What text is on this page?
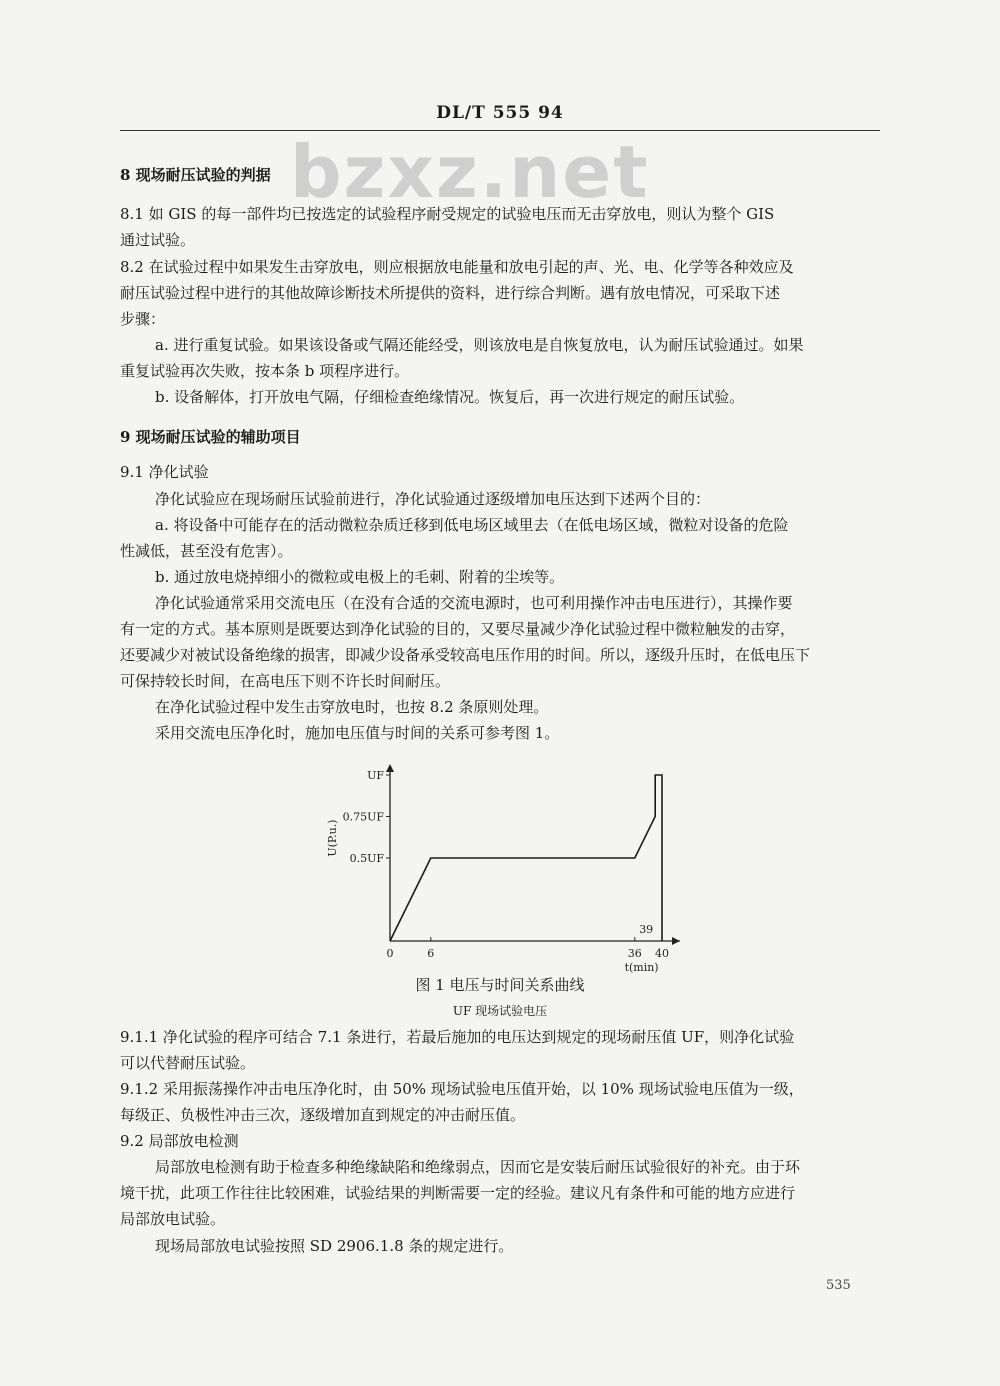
bzxz.net
DL/T 555 94
8 现场耐压试验的判据
8.1 如 GIS 的每一部件均已按选定的试验程序耐受规定的试验电压而无击穿放电，则认为整个 GIS
通过试验。
8.2 在试验过程中如果发生击穿放电，则应根据放电能量和放电引起的声、光、电、化学等各种效应及
耐压试验过程中进行的其他故障诊断技术所提供的资料，进行综合判断。遇有放电情况，可采取下述
步骤：
a. 进行重复试验。如果该设备或气隔还能经受，则该放电是自恢复放电，认为耐压试验通过。如果
重复试验再次失败，按本条 b 项程序进行。
b. 设备解体，打开放电气隔，仔细检查绝缘情况。恢复后，再一次进行规定的耐压试验。
9 现场耐压试验的辅助项目
9.1 净化试验
净化试验应在现场耐压试验前进行，净化试验通过逐级增加电压达到下述两个目的：
a. 将设备中可能存在的活动微粒杂质迁移到低电场区域里去（在低电场区域，微粒对设备的危险
性减低，甚至没有危害）。
b. 通过放电烧掉细小的微粒或电极上的毛刺、附着的尘埃等。
净化试验通常采用交流电压（在没有合适的交流电源时，也可利用操作冲击电压进行），其操作要
有一定的方式。基本原则是既要达到净化试验的目的，又要尽量减少净化试验过程中微粒触发的击穿，
还要减少对被试设备绝缘的损害，即减少设备承受较高电压作用的时间。所以，逐级升压时，在低电压下
可保持较长时间，在高电压下则不许长时间耐压。
在净化试验过程中发生击穿放电时，也按 8.2 条原则处理。
采用交流电压净化时，施加电压值与时间的关系可参考图 1。
0.5UF
0.75UF
UF
U(P.u.)
0	6	36 40
t(min)
39
图 1 电压与时间关系曲线
UF 现场试验电压
9.1.1 净化试验的程序可结合 7.1 条进行，若最后施加的电压达到规定的现场耐压值 UF，则净化试验
可以代替耐压试验。
9.1.2 采用振荡操作冲击电压净化时，由 50% 现场试验电压值开始，以 10% 现场试验电压值为一级，
每级正、负极性冲击三次，逐级增加直到规定的冲击耐压值。
9.2 局部放电检测
局部放电检测有助于检查多种绝缘缺陷和绝缘弱点，因而它是安装后耐压试验很好的补充。由于环
境干扰，此项工作往往比较困难，试验结果的判断需要一定的经验。建议凡有条件和可能的地方应进行
局部放电试验。
现场局部放电试验按照 SD 2906.1.8 条的规定进行。
535
